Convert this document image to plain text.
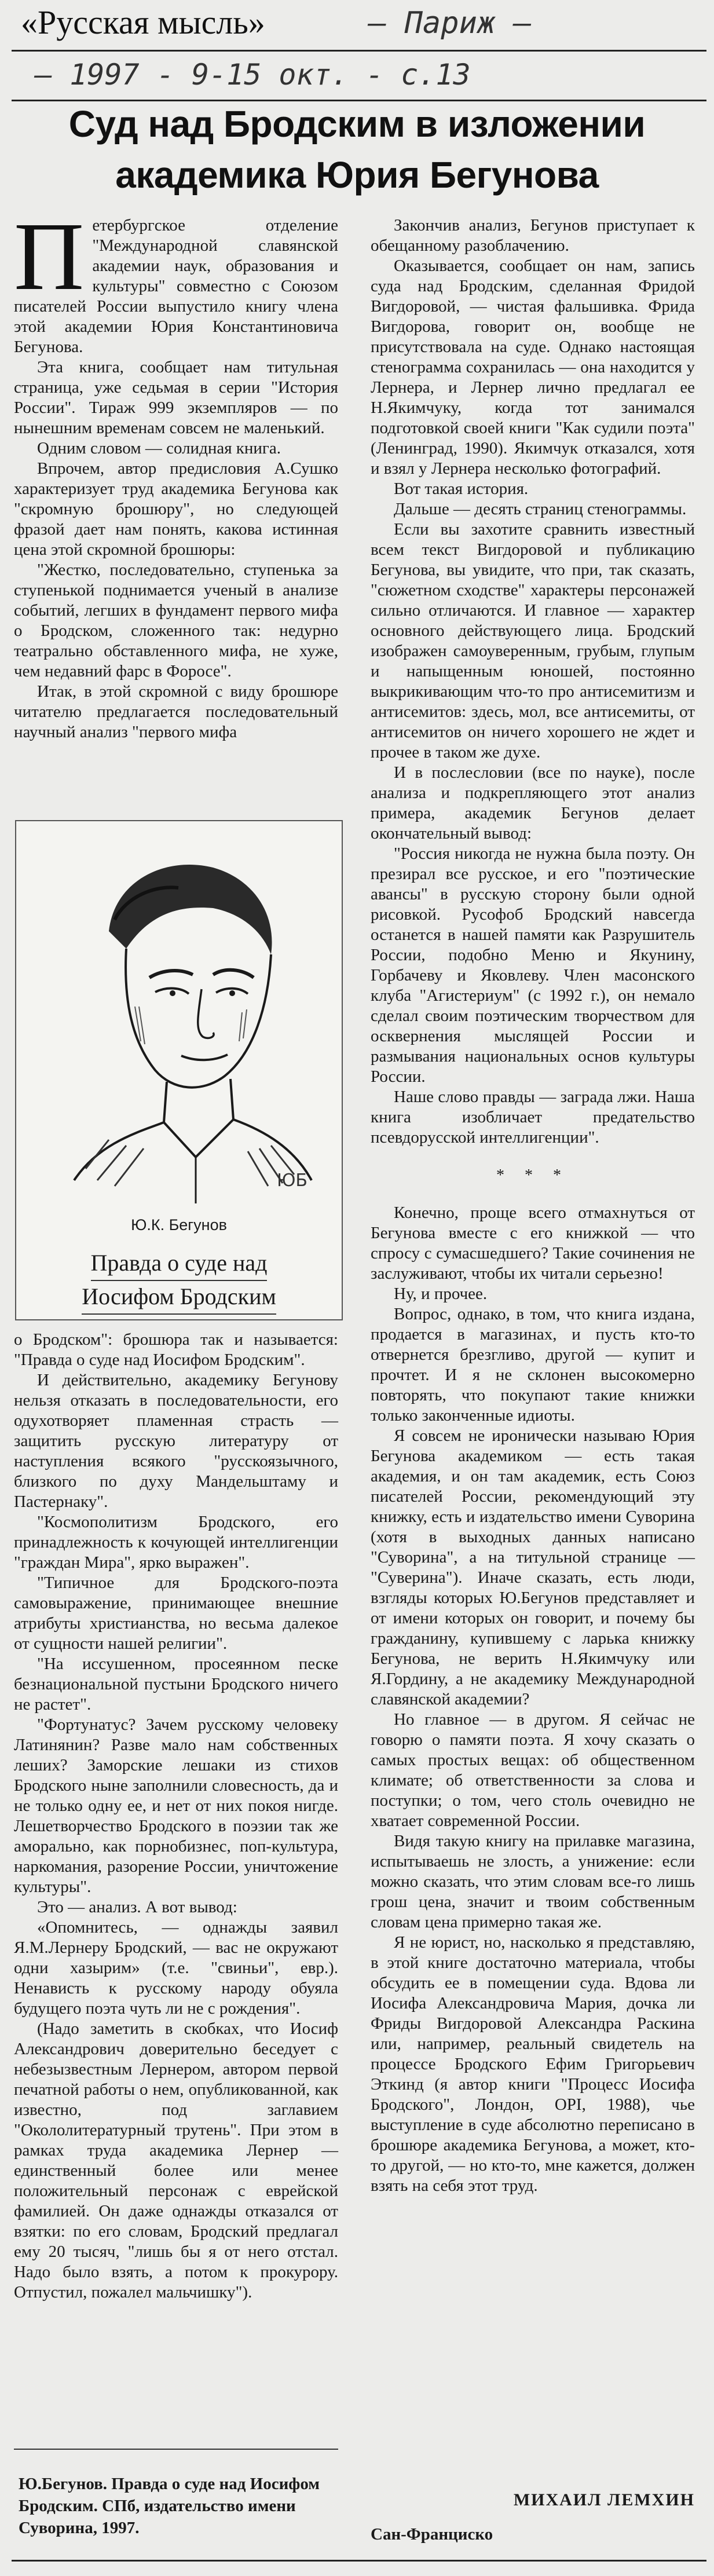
«Русская мысль»	— Париж —
— 1997 - 9-15 окт. - с.13
Суд над Бродским в изложении академика Юрия Бегунова

Петербургское отделение "Международной славянской академии наук, образования и культуры" совместно с Союзом писателей России выпустило книгу члена этой академии Юрия Константиновича Бегунова.

Эта книга, сообщает нам титульная страница, уже седьмая в серии "История России". Тираж 999 экземпляров — по нынешним временам совсем не маленький.

Одним словом — солидная книга.

Впрочем, автор предисловия А.Сушко характеризует труд академика Бегунова как "скромную брошюру", но следующей фразой дает нам понять, какова истинная цена этой скромной брошюры:

"Жестко, последовательно, ступенька за ступенькой поднимается ученый в анализе событий, легших в фундамент первого мифа о Бродском, сложенного так: недурно театрально обставленного мифа, не хуже, чем недавний фарс в Форосе".

Итак, в этой скромной с виду брошюре читателю предлагается последовательный научный анализ "первого мифа

ЮБ
Ю.К. Бегунов
Правда о суде над
Иосифом Бродским

о Бродском": брошюра так и называется: "Правда о суде над Иосифом Бродским".

И действительно, академику Бегунову нельзя отказать в последовательности, его одухотворяет пламенная страсть — защитить русскую литературу от наступления всякого "русскоязычного, близкого по духу Мандельштаму и Пастернаку".

"Космополитизм Бродского, его принадлежность к кочующей интеллигенции "граждан Мира", ярко выражен".

"Типичное для Бродского-поэта самовыражение, принимающее внешние атрибуты христианства, но весьма далекое от сущности нашей религии".

"На иссушенном, просеянном песке безнациональной пустыни Бродского ничего не растет".

"Фортунатус? Зачем русскому человеку Латинянин? Разве мало нам собственных лешиx? Заморские лешаки из стихов Бродского ныне заполнили словесность, да и не только одну ее, и нет от них покоя нигде. Лешетворчество Бродского в поэзии так же аморально, как порнобизнес, поп-культура, наркомания, разорение России, уничтожение культуры".

Это — анализ. А вот вывод:

«Опомнитесь, — однажды заявил Я.М.Лернеру Бродский, — вас не окружают одни хазырим» (т.е. "свиньи", евр.). Ненависть к русскому народу обуяла будущего поэта чуть ли не с рождения".

(Надо заметить в скобках, что Иосиф Александрович доверительно беседует с небезызвестным Лернером, автором первой печатной работы о нем, опубликованной, как известно, под заглавием "Окололитературный трутень". При этом в рамках труда академика Лернер — единственный более или менее положительный персонаж с еврейской фамилией. Он даже однажды отказался от взятки: по его словам, Бродский предлагал ему 20 тысяч, "лишь бы я от него отстал. Надо было взять, а потом к прокурору. Отпустил, пожалел мальчишку").

Ю.Бегунов. Правда о суде над Иосифом Бродским. СПб, издательство имени Суворина, 1997.

Закончив анализ, Бегунов приступает к обещанному разоблачению.

Оказывается, сообщает он нам, запись суда над Бродским, сделанная Фридой Вигдоровой, — чистая фальшивка. Фрида Вигдорова, говорит он, вообще не присутствовала на суде. Однако настоящая стенограмма сохранилась — она находится у Лернера, и Лернер лично предлагал ее Н.Якимчуку, когда тот занимался подготовкой своей книги "Как судили поэта" (Ленинград, 1990). Якимчук отказался, хотя и взял у Лернера несколько фотографий.

Вот такая история.

Дальше — десять страниц стенограммы.

Если вы захотите сравнить известный всем текст Вигдоровой и публикацию Бегунова, вы увидите, что при, так сказать, "сюжетном сходстве" характеры персонажей сильно отличаются. И главное — характер основного действующего лица. Бродский изображен самоуверенным, грубым, глупым и напыщенным юношей, постоянно выкрикивающим что-то про антисемитизм и антисемитов: здесь, мол, все антисемиты, от антисемитов он ничего хорошего не ждет и прочее в таком же духе.

И в послесловии (все по науке), после анализа и подкрепляющего этот анализ примера, академик Бегунов делает окончательный вывод:

"Россия никогда не нужна была поэту. Он презирал все русское, и его "поэтические авансы" в русскую сторону были одной рисовкой. Русофоб Бродский навсегда останется в нашей памяти как Разрушитель России, подобно Меню и Якунину, Горбачеву и Яковлеву. Член масонского клуба "Агистериум" (с 1992 г.), он немало сделал своим поэтическим творчеством для осквернения мыслящей России и размывания национальных основ культуры России.

Наше слово правды — заграда лжи. Наша книга изобличает предательство псевдорусской интеллигенции".

* * *

Конечно, проще всего отмахнуться от Бегунова вместе с его книжкой — что спросу с сумасшедшего? Такие сочинения не заслуживают, чтобы их читали серьезно!

Ну, и прочее.

Вопрос, однако, в том, что книга издана, продается в магазинах, и пусть кто-то отвернется брезгливо, другой — купит и прочтет. И я не склонен высокомерно повторять, что покупают такие книжки только законченные идиоты.

Я совсем не иронически называю Юрия Бегунова академиком — есть такая академия, и он там академик, есть Союз писателей России, рекомендующий эту книжку, есть и издательство имени Суворина (хотя в выходных данных написано "Суворина", а на титульной странице — "Суверина"). Иначе сказать, есть люди, взгляды которых Ю.Бегунов представляет и от имени которых он говорит, и почему бы гражданину, купившему с ларька книжку Бегунова, не верить Н.Якимчуку или Я.Гордину, а не академику Международной славянской академии?

Но главное — в другом. Я сейчас не говорю о памяти поэта. Я хочу сказать о самых простых вещах: об общественном климате; об ответственности за слова и поступки; о том, чего столь очевидно не хватает современной России.

Видя такую книгу на прилавке магазина, испытываешь не злость, а унижение: если можно сказать, что этим словам все-го лишь грош цена, значит и твоим собственным словам цена примерно такая же.

Я не юрист, но, насколько я представляю, в этой книге достаточно материала, чтобы обсудить ее в помещении суда. Вдова ли Иосифа Александровича Мария, дочка ли Фриды Вигдоровой Александра Раскина или, например, реальный свидетель на процессе Бродского Ефим Григорьевич Эткинд (я автор книги "Процесс Иосифа Бродского", Лондон, OPI, 1988), чье выступление в суде абсолютно переписано в брошюре академика Бегунова, а может, кто-то другой, — но кто-то, мне кажется, должен взять на себя этот труд.

МИХАИЛ ЛЕМХИН
Сан-Франциско
